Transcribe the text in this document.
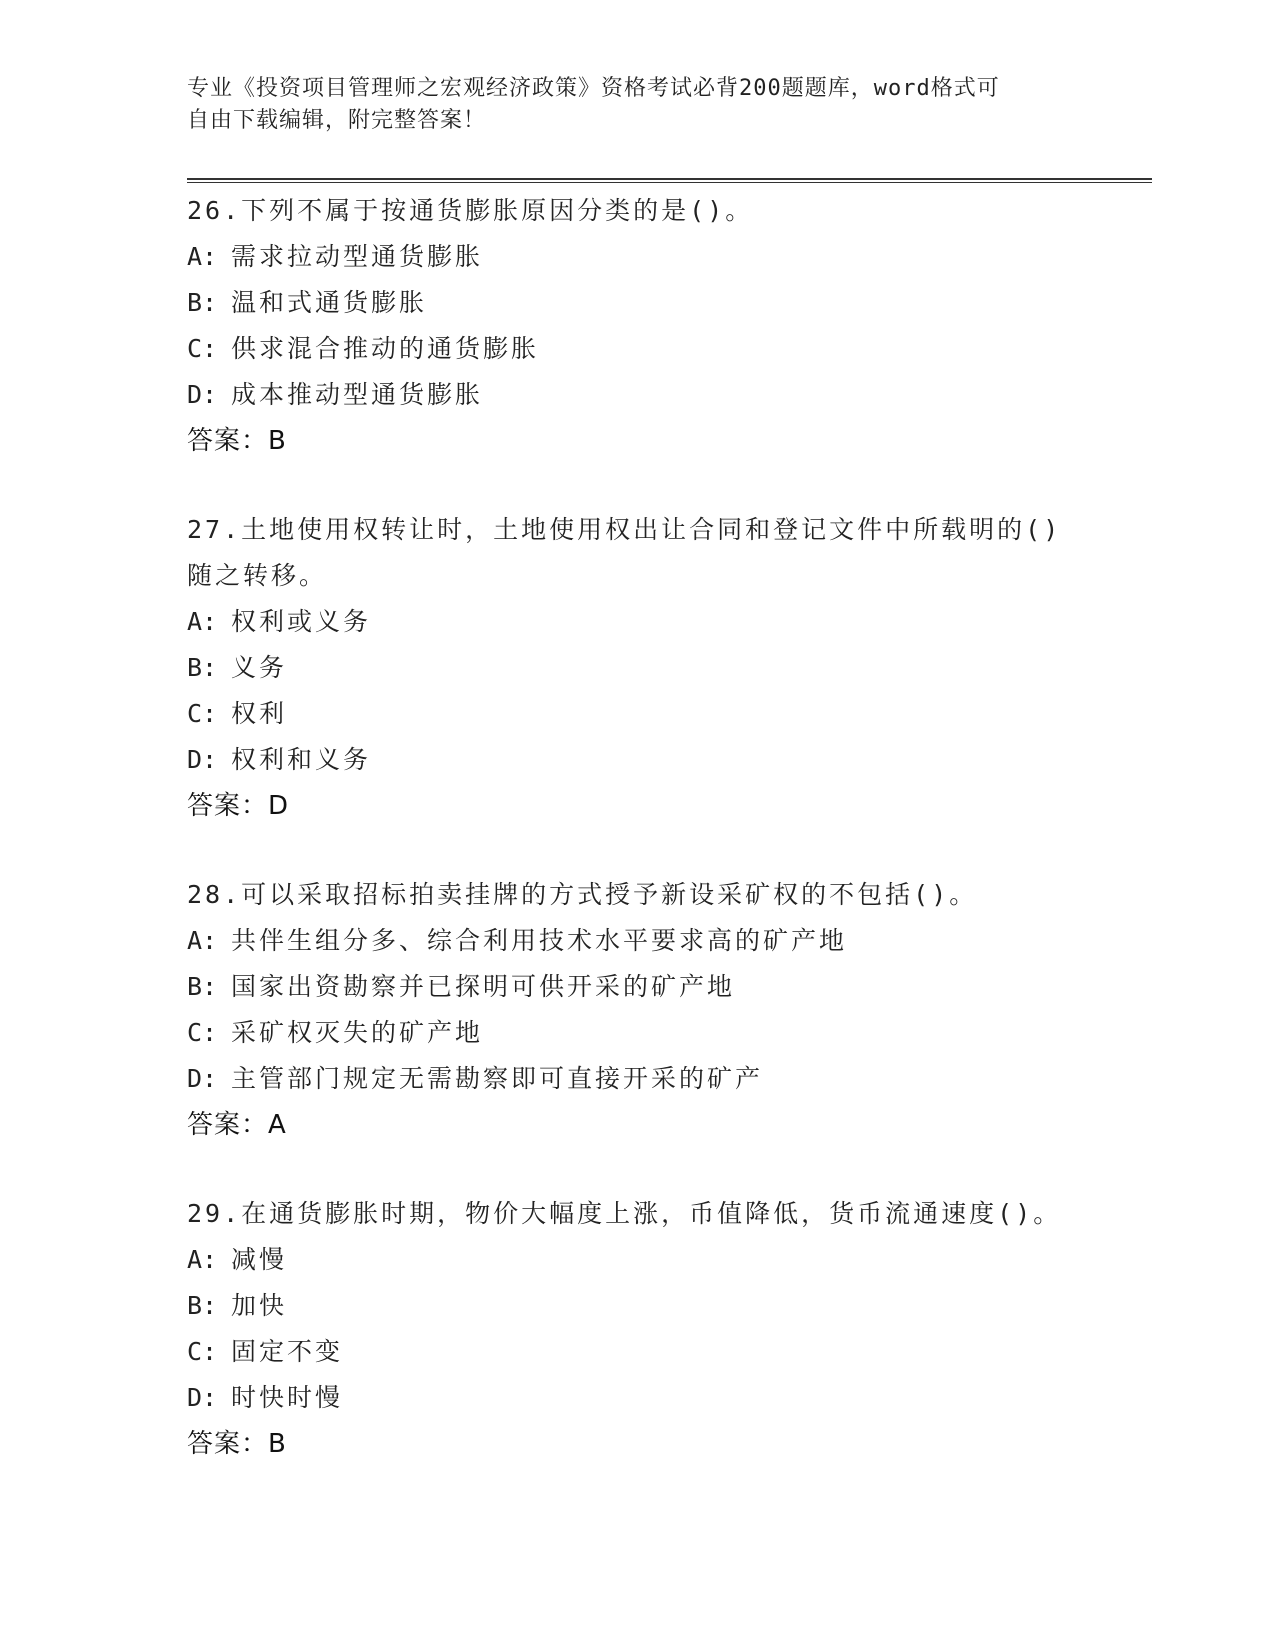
专业《投资项目管理师之宏观经济政策》资格考试必背200题题库，word格式可
自由下载编辑，附完整答案！
26.下列不属于按通货膨胀原因分类的是()。
A: 需求拉动型通货膨胀
B: 温和式通货膨胀
C: 供求混合推动的通货膨胀
D: 成本推动型通货膨胀
答案：B
27.土地使用权转让时，土地使用权出让合同和登记文件中所载明的()
随之转移。
A: 权利或义务
B: 义务
C: 权利
D: 权利和义务
答案：D
28.可以采取招标拍卖挂牌的方式授予新设采矿权的不包括()。
A: 共伴生组分多、综合利用技术水平要求高的矿产地
B: 国家出资勘察并已探明可供开采的矿产地
C: 采矿权灭失的矿产地
D: 主管部门规定无需勘察即可直接开采的矿产
答案：A
29.在通货膨胀时期，物价大幅度上涨，币值降低，货币流通速度()。
A: 减慢
B: 加快
C: 固定不变
D: 时快时慢
答案：B
